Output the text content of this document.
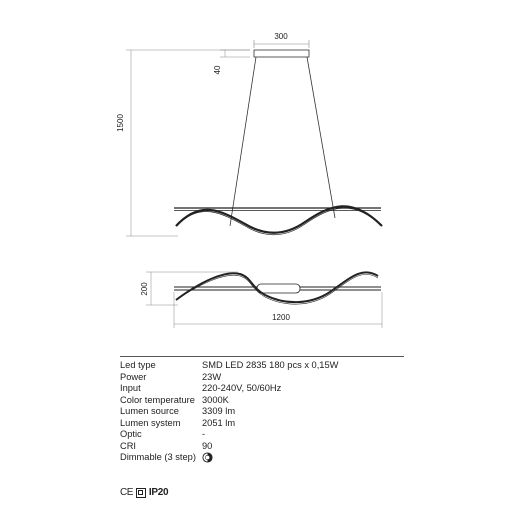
300
40
1500
200
1200
Led type	SMD LED 2835 180 pcs x 0,15W
Power	23W
Input	220-240V, 50/60Hz
Color temperature 3000K
Lumen source	3309 lm
Lumen system	2051 lm
Optic	-
CRI	90
Dimmable (3 step)
CE IP20
